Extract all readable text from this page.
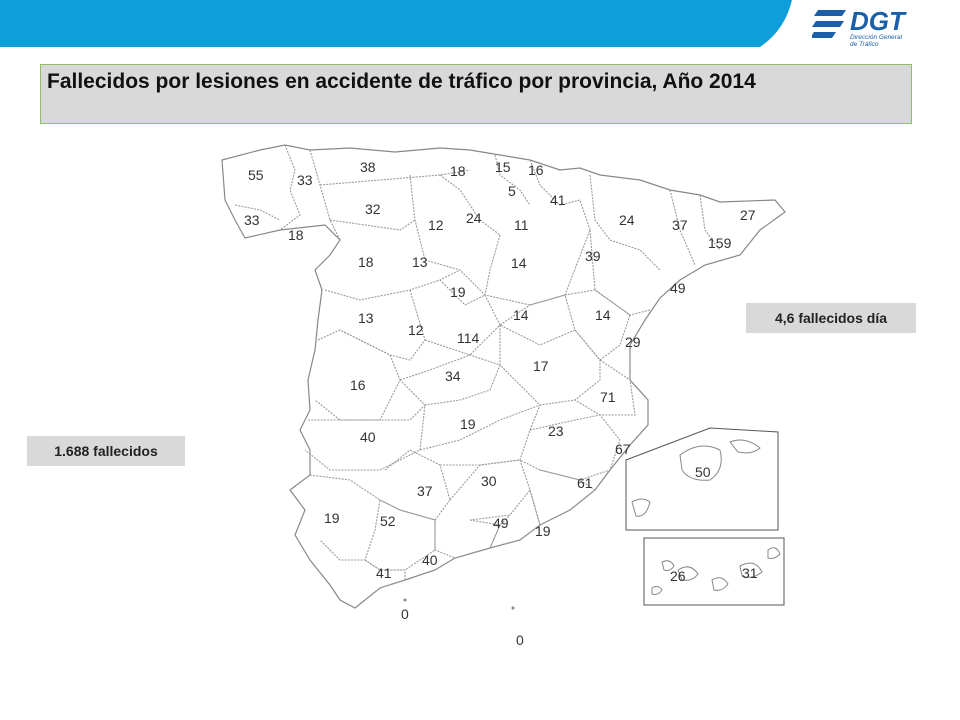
DGT
Dirección General
de Tráfico
Fallecidos por lesiones en accidente de tráfico por provincia, Año 2014
4,6 fallecidos día
1.688 fallecidos
55 33
38	18 15 16
5
41
33
18
32
12 24 11	24	37
27
159
18	13	14	39
49
13
19
12 114
14	14
29
16
34
17
71
40
19	23
67
37
30	61
19	52	49 19
40
41
0
0
50
31
26
